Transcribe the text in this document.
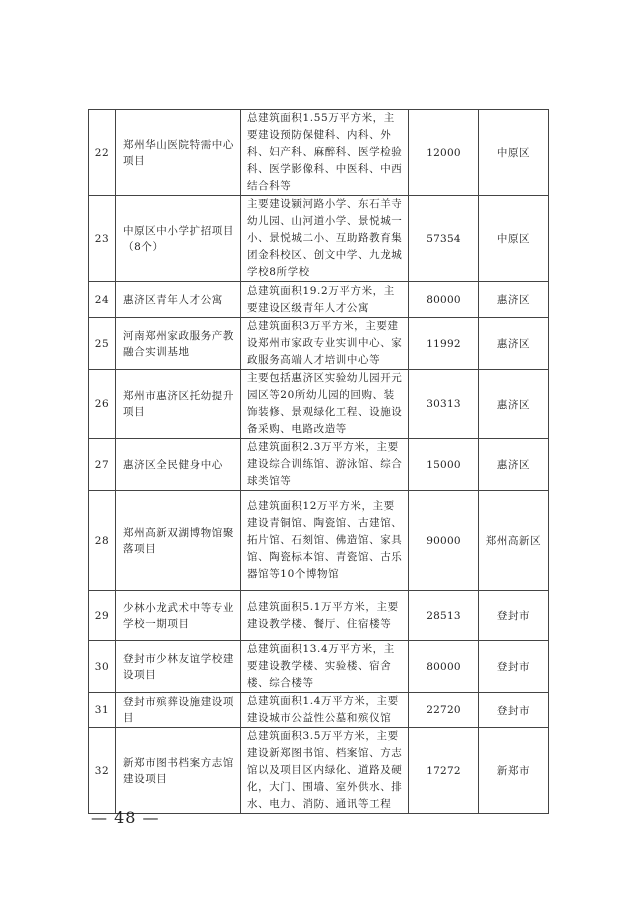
22	郑州华山医院特需中心项目	总建筑面积1.55万平方米，主要建设预防保健科、内科、外科、妇产科、麻醉科、医学检验科、医学影像科、中医科、中西结合科等	12000	中原区
23	中原区中小学扩招项目（8个）	主要建设颍河路小学、东石羊寺幼儿园、山河道小学、景悦城一小、景悦城二小、互助路教育集团金科校区、创文中学、九龙城学校8所学校	57354	中原区
24	惠济区青年人才公寓	总建筑面积19.2万平方米，主要建设区级青年人才公寓	80000	惠济区
25	河南郑州家政服务产教融合实训基地	总建筑面积3万平方米，主要建设郑州市家政专业实训中心、家政服务高端人才培训中心等	11992	惠济区
26	郑州市惠济区托幼提升项目	主要包括惠济区实验幼儿园开元园区等20所幼儿园的回购、装饰装修、景观绿化工程、设施设备采购、电路改造等	30313	惠济区
27	惠济区全民健身中心	总建筑面积2.3万平方米，主要建设综合训练馆、游泳馆、综合球类馆等	15000	惠济区
28	郑州高新双湖博物馆聚落项目	总建筑面积12万平方米，主要建设青铜馆、陶瓷馆、古建馆、拓片馆、石刻馆、佛造馆、家具馆、陶瓷标本馆、青瓷馆、古乐器馆等10个博物馆	90000	郑州高新区
29	少林小龙武术中等专业学校一期项目	总建筑面积5.1万平方米，主要建设教学楼、餐厅、住宿楼等	28513	登封市
30	登封市少林友谊学校建设项目	总建筑面积13.4万平方米，主要建设教学楼、实验楼、宿舍楼、综合楼等	80000	登封市
31	登封市殡葬设施建设项目	总建筑面积1.4万平方米，主要建设城市公益性公墓和殡仪馆	22720	登封市
32	新郑市图书档案方志馆建设项目	总建筑面积3.5万平方米，主要建设新郑图书馆、档案馆、方志馆以及项目区内绿化、道路及硬化，大门、围墙、室外供水、排水、电力、消防、通讯等工程	17272	新郑市
— 48 —
